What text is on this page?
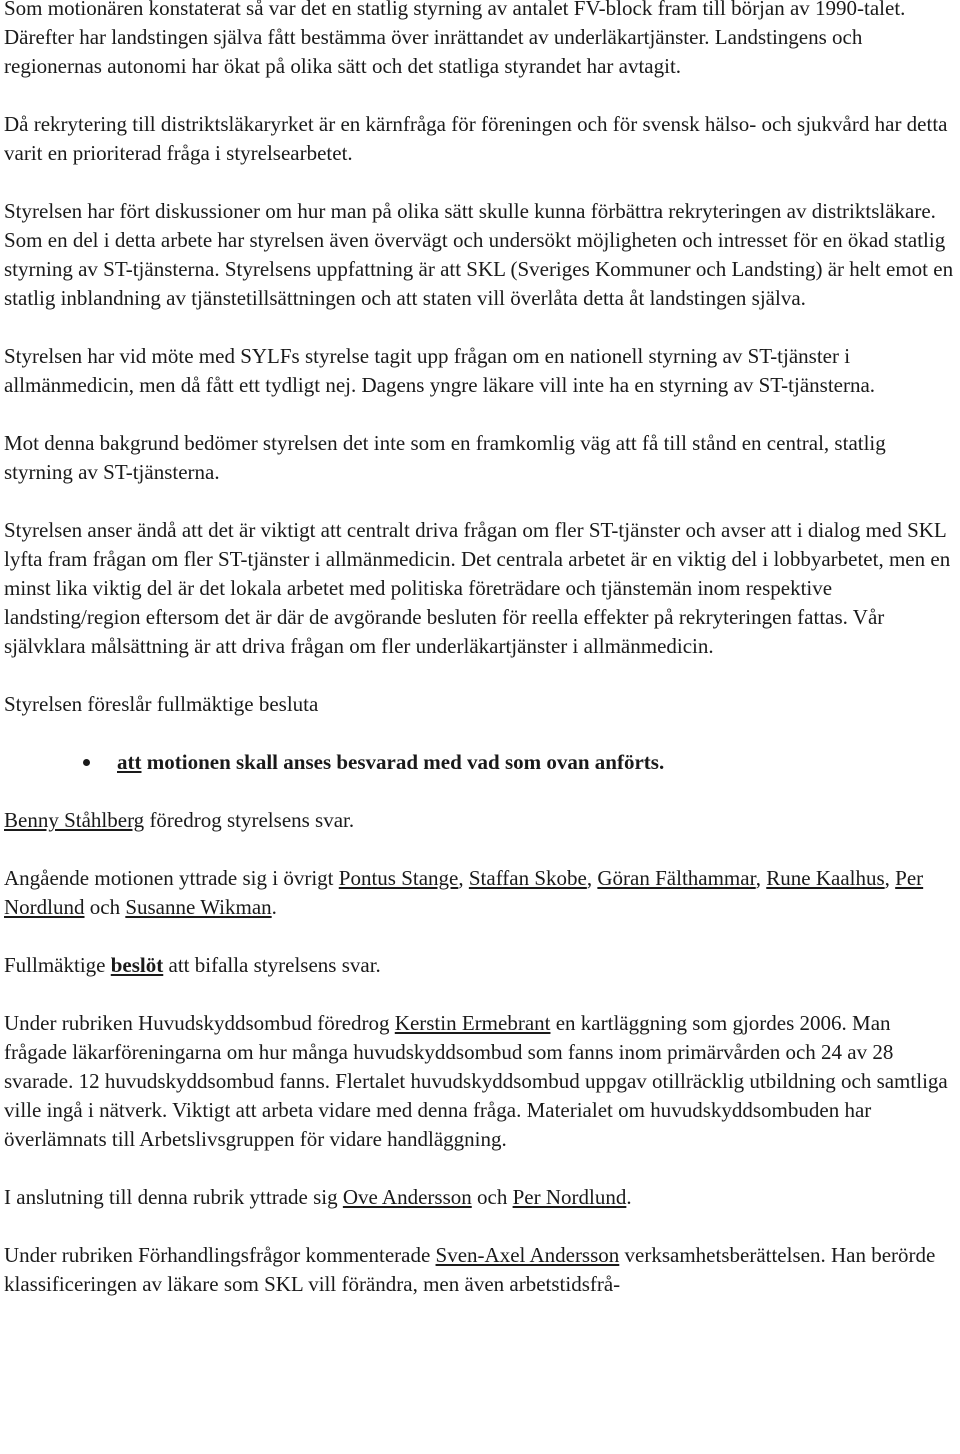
Som motionären konstaterat så var det en statlig styrning av antalet FV-block fram till början av 1990-talet. Därefter har landstingen själva fått bestämma över inrättandet av underläkartjänster. Landstingens och regionernas autonomi har ökat på olika sätt och det statliga styrandet har avtagit.

Då rekrytering till distriktsläkaryrket är en kärnfråga för föreningen och för svensk hälso- och sjukvård har detta varit en prioriterad fråga i styrelsearbetet.

Styrelsen har fört diskussioner om hur man på olika sätt skulle kunna förbättra rekryteringen av distriktsläkare. Som en del i detta arbete har styrelsen även övervägt och undersökt möjligheten och intresset för en ökad statlig styrning av ST-tjänsterna. Styrelsens uppfattning är att SKL (Sveriges Kommuner och Landsting) är helt emot en statlig inblandning av tjänstetillsättningen och att staten vill överlåta detta åt landstingen själva.

Styrelsen har vid möte med SYLFs styrelse tagit upp frågan om en nationell styrning av ST-tjänster i allmänmedicin, men då fått ett tydligt nej. Dagens yngre läkare vill inte ha en styrning av ST-tjänsterna.

Mot denna bakgrund bedömer styrelsen det inte som en framkomlig väg att få till stånd en central, statlig styrning av ST-tjänsterna.

Styrelsen anser ändå att det är viktigt att centralt driva frågan om fler ST-tjänster och avser att i dialog med SKL lyfta fram frågan om fler ST-tjänster i allmänmedicin. Det centrala arbetet är en viktig del i lobbyarbetet, men en minst lika viktig del är det lokala arbetet med politiska företrädare och tjänstemän inom respektive landsting/region eftersom det är där de avgörande besluten för reella effekter på rekryteringen fattas. Vår självklara målsättning är att driva frågan om fler underläkartjänster i allmänmedicin.

Styrelsen föreslår fullmäktige besluta

att motionen skall anses besvarad med vad som ovan anförts.

Benny Ståhlberg föredrog styrelsens svar.

Angående motionen yttrade sig i övrigt Pontus Stange, Staffan Skobe, Göran Fälthammar, Rune Kaalhus, Per Nordlund och Susanne Wikman.

Fullmäktige beslöt att bifalla styrelsens svar.

Under rubriken Huvudskyddsombud föredrog Kerstin Ermebrant en kartläggning som gjordes 2006. Man frågade läkarföreningarna om hur många huvudskyddsombud som fanns inom primärvården och 24 av 28 svarade. 12 huvudskyddsombud fanns. Flertalet huvudskyddsombud uppgav otillräcklig utbildning och samtliga ville ingå i nätverk. Viktigt att arbeta vidare med denna fråga. Materialet om huvudskyddsombuden har överlämnats till Arbetslivsgruppen för vidare handläggning.

I anslutning till denna rubrik yttrade sig Ove Andersson och Per Nordlund.

Under rubriken Förhandlingsfrågor kommenterade Sven-Axel Andersson verksamhetsberättelsen. Han berörde klassificeringen av läkare som SKL vill förändra, men även arbetstidsfrå-
